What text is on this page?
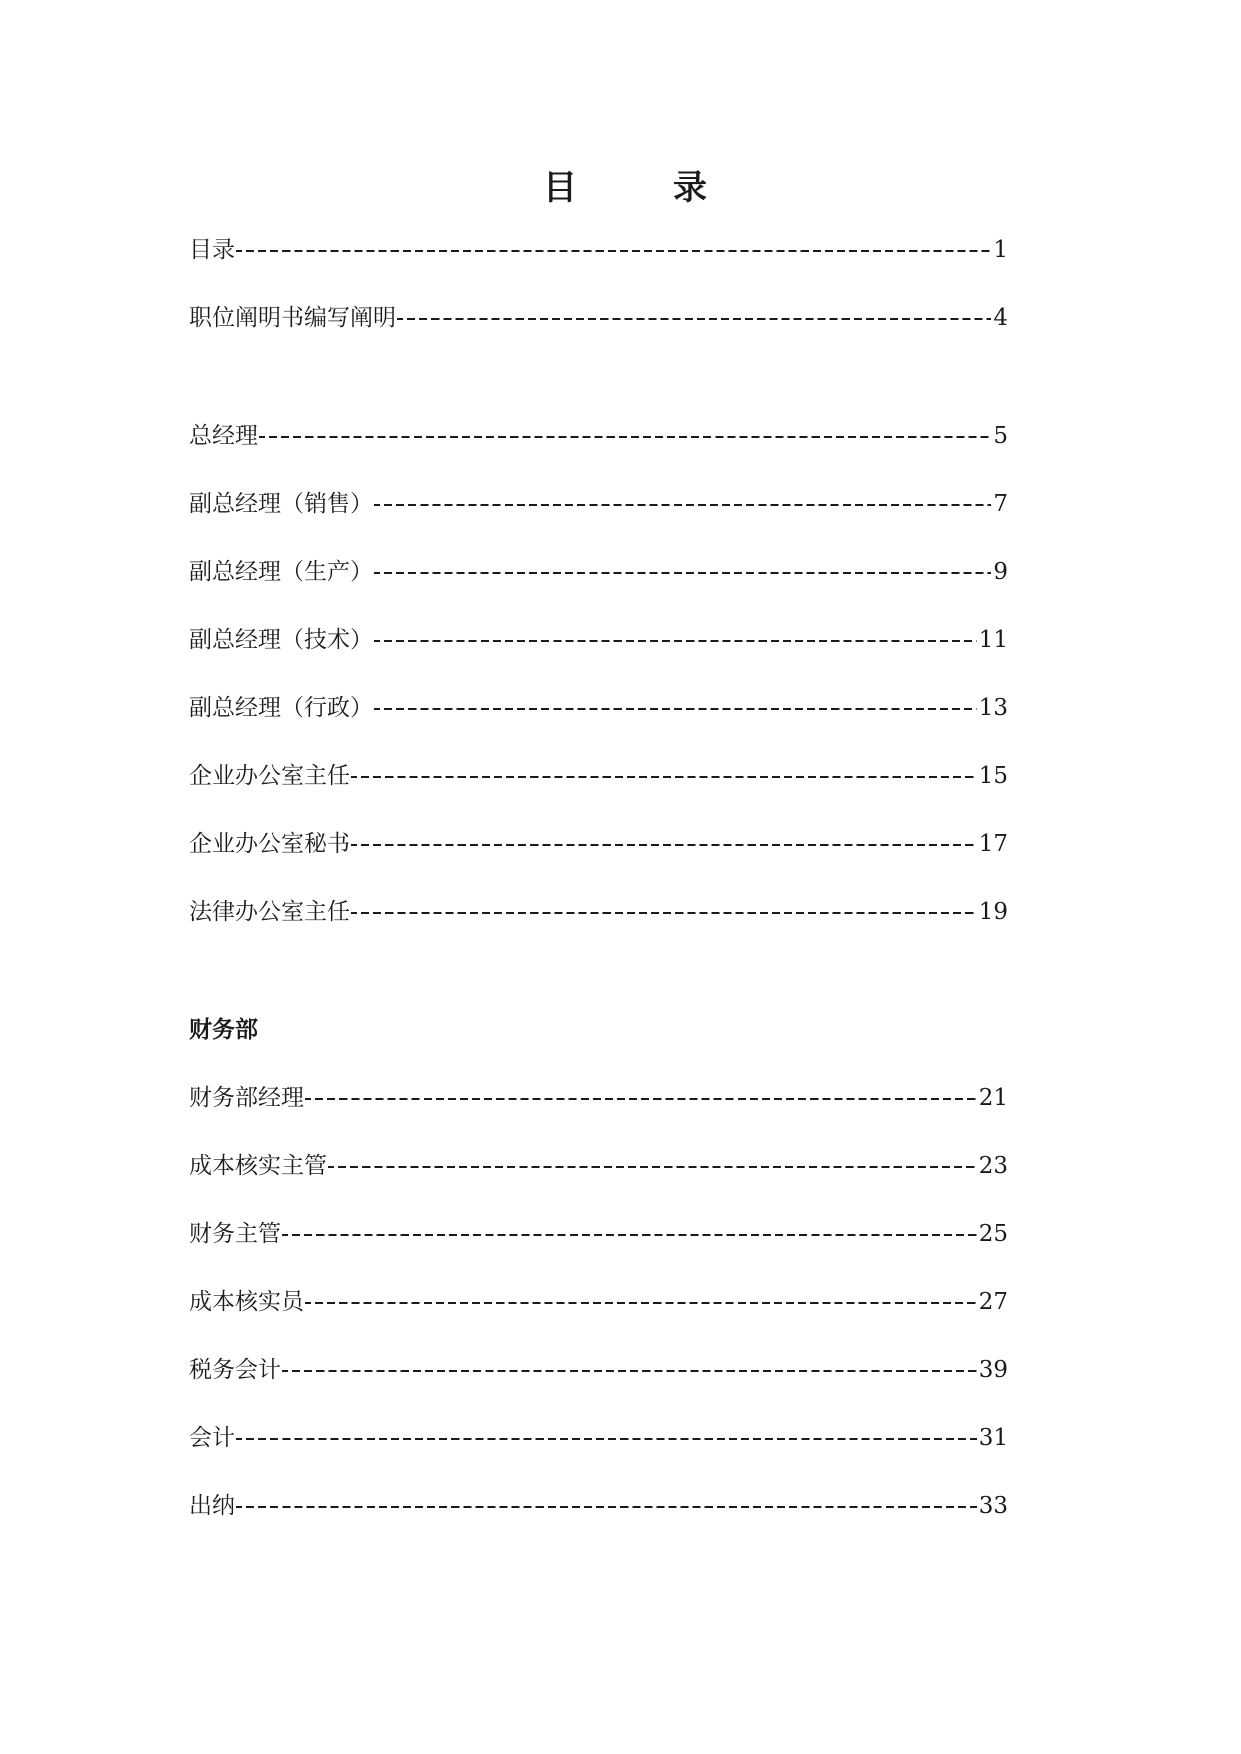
目	录
目录	1
职位阐明书编写阐明	4
总经理	5
副总经理（销售）	7
副总经理（生产）	9
副总经理（技术）	11
副总经理（行政）	13
企业办公室主任	15
企业办公室秘书	17
法律办公室主任	19
财务部
财务部经理	21
成本核实主管	23
财务主管	25
成本核实员	27
税务会计	39
会计	31
出纳	33
